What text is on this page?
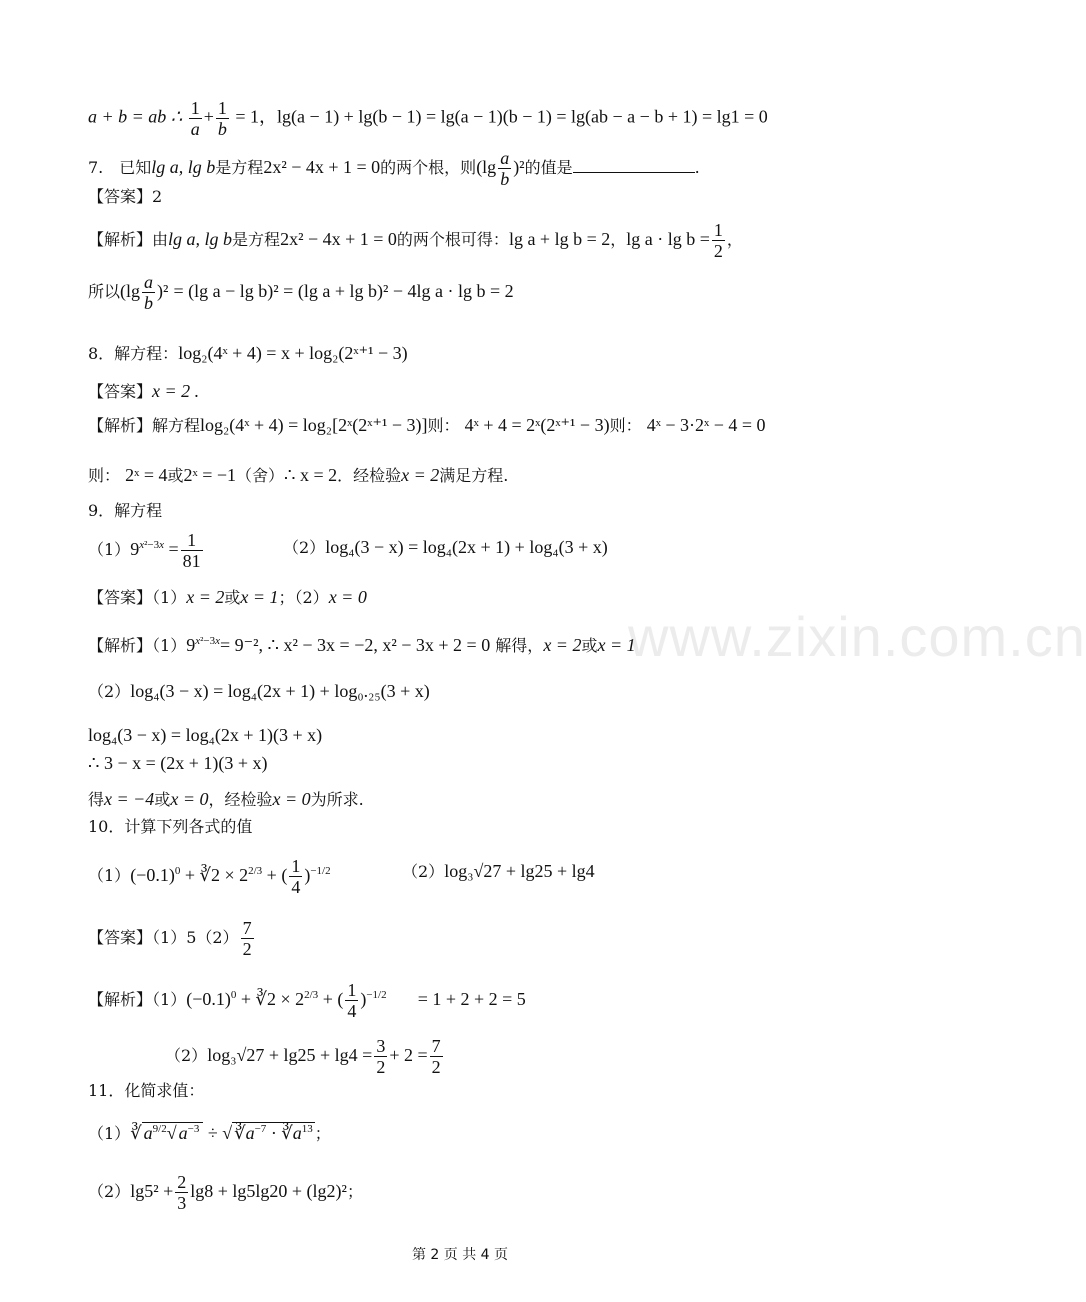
a + b = ab ∴ $\frac{1}{a} + \frac{1}{b} = 1$，lg(a − 1) + lg(b − 1) = lg(a − 1)(b − 1) = lg(ab − a − b + 1) = lg1 = 0
7.　已知lg a, lg b是方程2x² − 4x + 1 = 0的两个根，则$(\lg \frac{a}{b} )^2$的值是	.
【答案】2
【解析】由lg a, lg b是方程2x² − 4x + 1 = 0的两个根可得：lg a + lg b = 2，$\lg a \cdot \lg b = \frac{1}{2}$ ，
所以$(\lg \frac{a}{b} )^2 = (\lg$ a − lg b)² = (lg a + lg b)² − 4lg a · lg b = 2
8．解方程：log₂(4ˣ + 4) = x + log₂(2ˣ⁺¹ − 3)
【答案】x = 2 .
【解析】解方程log₂(4ˣ + 4) = log₂[2ˣ(2ˣ⁺¹ − 3)]则： 4ˣ + 4 = 2ˣ(2ˣ⁺¹ − 3)则： 4ˣ − 3·2ˣ − 4 = 0
则： 2ˣ = 4或2ˣ = −1（舍）∴ x = 2．经检验x = 2满足方程.
9．解方程
$(1)9^{x^2-3x} = \frac{1}{81}$	（2）log₄(3 − x) = log₄(2x + 1) + log₄(3 + x)
【答案】（1）x = 2或x = 1；（2）x = 0
【解析】$(1)9^{x^2-3x}= 9^{-2}$, ∴ x² − 3x = −2, x² − 3x + 2 = 0 解得，x = 2或x = 1
（2）log₄(3 − x) = log₄(2x + 1) + log₀.₂₅(3 + x)
log₄(3 − x) = log₄(2x + 1)(3 + x)
∴ 3 − x = (2x + 1)(3 + x)
得x = −4或x = 0，经检验x = 0为所求.
10．计算下列各式的值
$(1)(-0.1)^0$ + ∛2 × $2^{2/3}$ + ( $\frac{1}{4} )^{-1/2}$	（2）log₃√27 + lg25 + lg4
【答案】$(1)5(2) \frac{7}{2}$
【解析】$(1)(-0.1)^0$ + ∛2 × $2^{2/3}$ + ( $\frac{1}{4} )^{-1/2} = 1 + 2 + 2 = 5$
$(2)\log_3√27 + \lg 25 + \lg 4 = \frac{3}{2} + 2 = \frac{7}{2}$
11．化简求值：
（1）∛ $a^{9/2}√$ $a^{-3}$ ÷ √ $∛a^{-7}$ · $∛a^{13}$ ；
$(2)\lg 5^2 + \frac{2}{3} \lg 8 + \lg 5\lg 20 + (\lg 2)^2$；
www.zixin.com.cn
第 2 页 共 4 页
